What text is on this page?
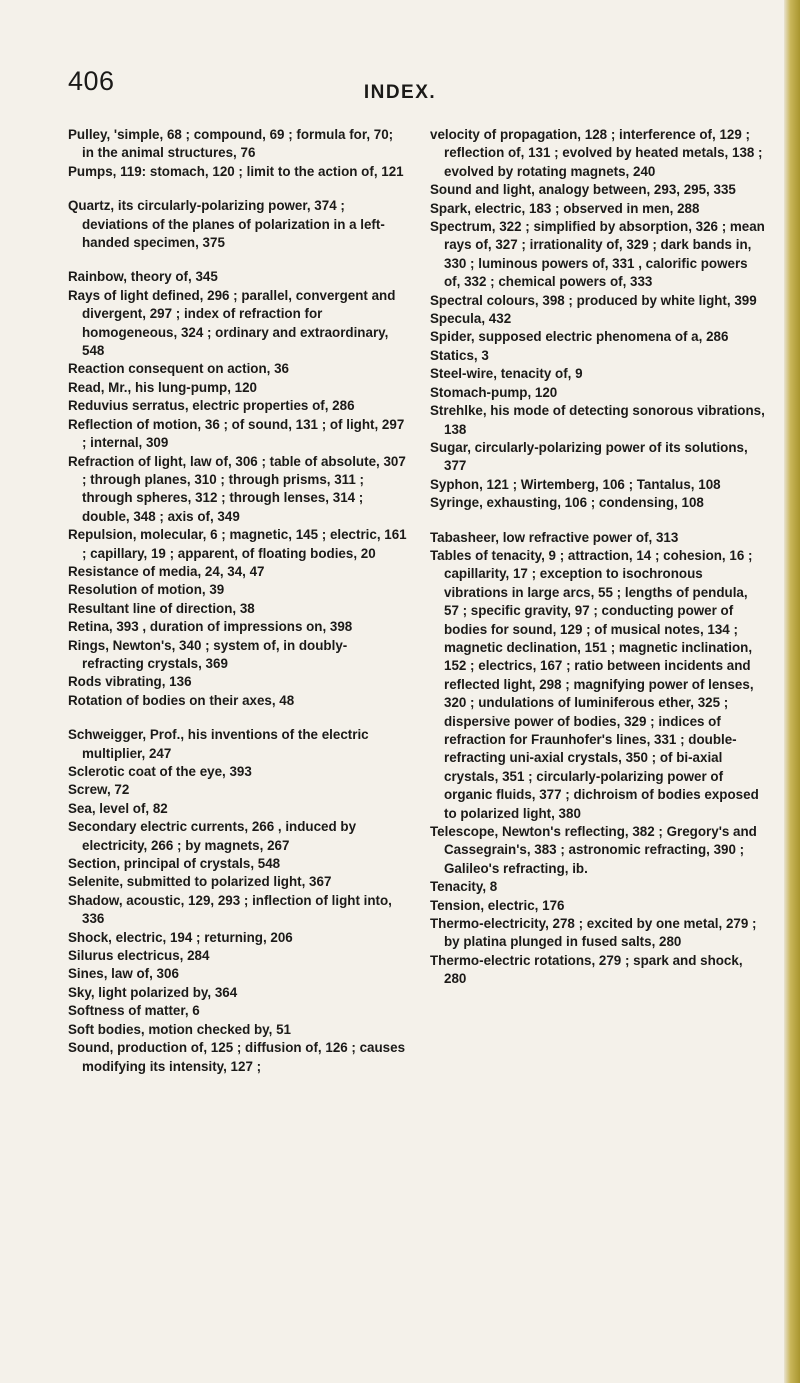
406	INDEX.
Pulley, 'simple, 68 ; compound, 69 ; formula for, 70; in the animal structures, 76
Pumps, 119: stomach, 120 ; limit to the action of, 121
Quartz, its circularly-polarizing power, 374 ; deviations of the planes of polarization in a left-handed specimen, 375
Rainbow, theory of, 345
Rays of light defined, 296 ; parallel, convergent and divergent, 297 ; index of refraction for homogeneous, 324 ; ordinary and extraordinary, 548
Reaction consequent on action, 36
Read, Mr., his lung-pump, 120
Reduvius serratus, electric properties of, 286
Reflection of motion, 36 ; of sound, 131 ; of light, 297 ; internal, 309
Refraction of light, law of, 306 ; table of absolute, 307 ; through planes, 310 ; through prisms, 311 ; through spheres, 312 ; through lenses, 314 ; double, 348 ; axis of, 349
Repulsion, molecular, 6 ; magnetic, 145 ; electric, 161 ; capillary, 19 ; apparent, of floating bodies, 20
Resistance of media, 24, 34, 47
Resolution of motion, 39
Resultant line of direction, 38
Retina, 393 , duration of impressions on, 398
Rings, Newton's, 340 ; system of, in doubly-refracting crystals, 369
Rods vibrating, 136
Rotation of bodies on their axes, 48
Schweigger, Prof., his inventions of the electric multiplier, 247
Sclerotic coat of the eye, 393
Screw, 72
Sea, level of, 82
Secondary electric currents, 266 , induced by electricity, 266 ; by magnets, 267
Section, principal of crystals, 548
Selenite, submitted to polarized light, 367
Shadow, acoustic, 129, 293 ; inflection of light into, 336
Shock, electric, 194 ; returning, 206
Silurus electricus, 284
Sines, law of, 306
Sky, light polarized by, 364
Softness of matter, 6
Soft bodies, motion checked by, 51
Sound, production of, 125 ; diffusion of, 126 ; causes modifying its intensity, 127 ;
velocity of propagation, 128 ; interference of, 129 ; reflection of, 131 ; evolved by heated metals, 138 ; evolved by rotating magnets, 240
Sound and light, analogy between, 293, 295, 335
Spark, electric, 183 ; observed in men, 288
Spectrum, 322 ; simplified by absorption, 326 ; mean rays of, 327 ; irrationality of, 329 ; dark bands in, 330 ; luminous powers of, 331 , calorific powers of, 332 ; chemical powers of, 333
Spectral colours, 398 ; produced by white light, 399
Specula, 432
Spider, supposed electric phenomena of a, 286
Statics, 3
Steel-wire, tenacity of, 9
Stomach-pump, 120
Strehlke, his mode of detecting sonorous vibrations, 138
Sugar, circularly-polarizing power of its solutions, 377
Syphon, 121 ; Wirtemberg, 106 ; Tantalus, 108
Syringe, exhausting, 106 ; condensing, 108
Tabasheer, low refractive power of, 313
Tables of tenacity, 9 ; attraction, 14 ; cohesion, 16 ; capillarity, 17 ; exception to isochronous vibrations in large arcs, 55 ; lengths of pendula, 57 ; specific gravity, 97 ; conducting power of bodies for sound, 129 ; of musical notes, 134 ; magnetic declination, 151 ; magnetic inclination, 152 ; electrics, 167 ; ratio between incidents and reflected light, 298 ; magnifying power of lenses, 320 ; undulations of luminiferous ether, 325 ; dispersive power of bodies, 329 ; indices of refraction for Fraunhofer's lines, 331 ; double-refracting uni-axial crystals, 350 ; of bi-axial crystals, 351 ; circularly-polarizing power of organic fluids, 377 ; dichroism of bodies exposed to polarized light, 380
Telescope, Newton's reflecting, 382 ; Gregory's and Cassegrain's, 383 ; astronomic refracting, 390 ; Galileo's refracting, ib.
Tenacity, 8
Tension, electric, 176
Thermo-electricity, 278 ; excited by one metal, 279 ; by platina plunged in fused salts, 280
Thermo-electric rotations, 279 ; spark and shock, 280
